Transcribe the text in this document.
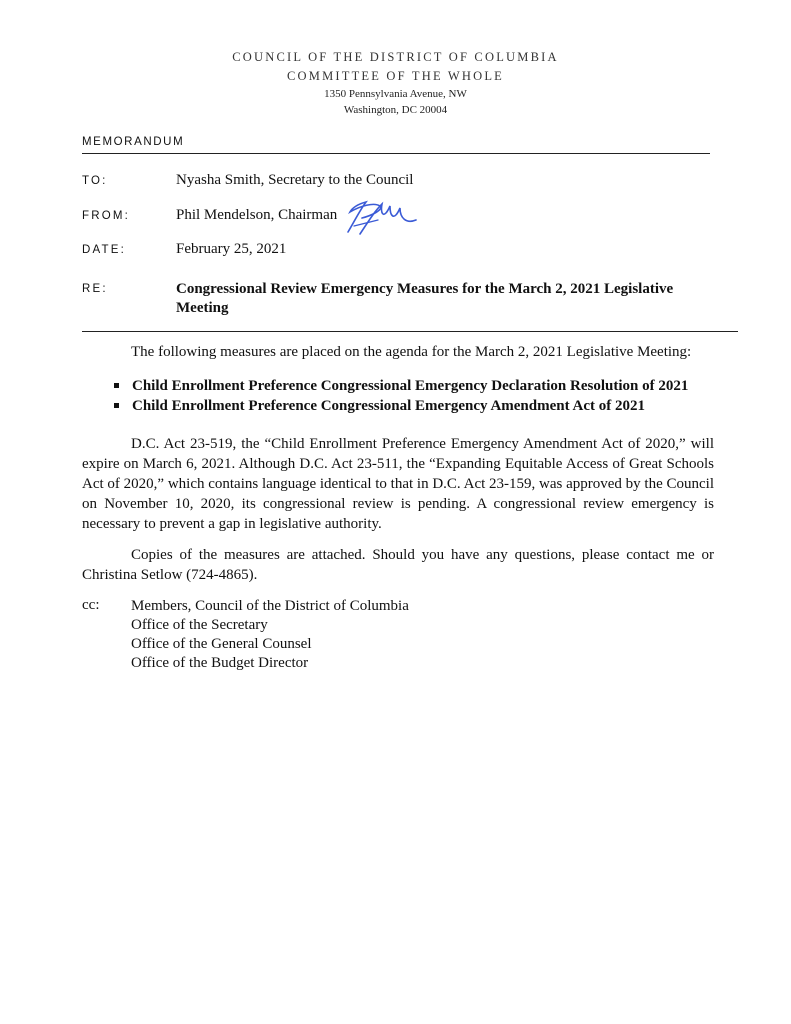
COUNCIL OF THE DISTRICT OF COLUMBIA
COMMITTEE OF THE WHOLE
1350 Pennsylvania Avenue, NW
Washington, DC 20004
MEMORANDUM
TO:	Nyasha Smith, Secretary to the Council
FROM:	Phil Mendelson, Chairman
DATE:	February 25, 2021
RE:	Congressional Review Emergency Measures for the March 2, 2021 Legislative Meeting
The following measures are placed on the agenda for the March 2, 2021 Legislative Meeting:
Child Enrollment Preference Congressional Emergency Declaration Resolution of 2021
Child Enrollment Preference Congressional Emergency Amendment Act of 2021

D.C. Act 23-519, the “Child Enrollment Preference Emergency Amendment Act of 2020,” will expire on March 6, 2021. Although D.C. Act 23-511, the “Expanding Equitable Access of Great Schools Act of 2020,” which contains language identical to that in D.C. Act 23-159, was approved by the Council on November 10, 2020, its congressional review is pending. A congressional review emergency is necessary to prevent a gap in legislative authority.

Copies of the measures are attached. Should you have any questions, please contact me or Christina Setlow (724-4865).

cc: Members, Council of the District of Columbia
Office of the Secretary
Office of the General Counsel
Office of the Budget Director
